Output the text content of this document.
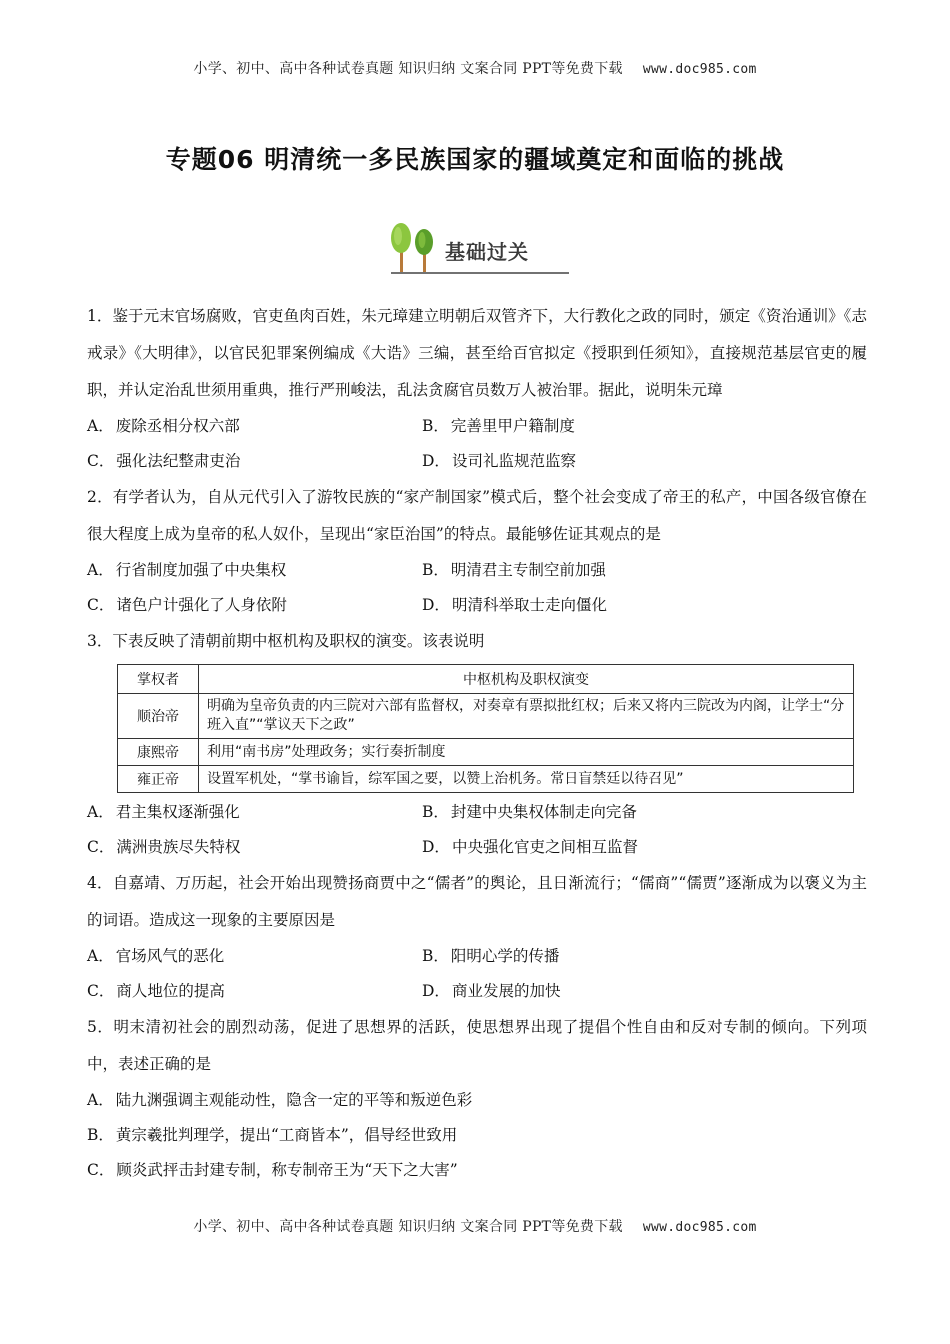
小学、初中、高中各种试卷真题 知识归纳 文案合同 PPT等免费下载 www.doc985.com
专题06 明清统一多民族国家的疆域奠定和面临的挑战
基础过关

1．鉴于元末官场腐败，官吏鱼肉百姓，朱元璋建立明朝后双管齐下，大行教化之政的同时，颁定《资治通训》《志戒录》《大明律》，以官民犯罪案例编成《大诰》三编，甚至给百官拟定《授职到任须知》，直接规范基层官吏的履职，并认定治乱世须用重典，推行严刑峻法，乱法贪腐官员数万人被治罪。据此，说明朱元璋

A． 废除丞相分权六部	B． 完善里甲户籍制度
C． 强化法纪整肃吏治	D． 设司礼监规范监察

2．有学者认为，自从元代引入了游牧民族的“家产制国家”模式后，整个社会变成了帝王的私产，中国各级官僚在很大程度上成为皇帝的私人奴仆，呈现出“家臣治国”的特点。最能够佐证其观点的是

A． 行省制度加强了中央集权	B． 明清君主专制空前加强
C． 诸色户计强化了人身依附	D． 明清科举取士走向僵化

3．下表反映了清朝前期中枢机构及职权的演变。该表说明

掌权者	中枢机构及职权演变
顺治帝	明确为皇帝负责的内三院对六部有监督权，对奏章有票拟批红权；后来又将内三院改为内阁，让学士“分班入直”“掌议天下之政”
康熙帝	利用“南书房”处理政务；实行奏折制度
雍正帝	设置军机处，“掌书谕旨，综军国之要，以赞上治机务。常日盲禁廷以待召见”
A． 君主集权逐渐强化	B． 封建中央集权体制走向完备
C． 满洲贵族尽失特权	D． 中央强化官吏之间相互监督

4．自嘉靖、万历起，社会开始出现赞扬商贾中之“儒者”的舆论，且日渐流行；“儒商”“儒贾”逐渐成为以褒义为主的词语。造成这一现象的主要原因是

A． 官场风气的恶化	B． 阳明心学的传播
C． 商人地位的提高	D． 商业发展的加快

5．明末清初社会的剧烈动荡，促进了思想界的活跃，使思想界出现了提倡个性自由和反对专制的倾向。下列项中，表述正确的是

A． 陆九渊强调主观能动性，隐含一定的平等和叛逆色彩
B． 黄宗羲批判理学，提出“工商皆本”，倡导经世致用
C． 顾炎武抨击封建专制，称专制帝王为“天下之大害”
小学、初中、高中各种试卷真题 知识归纳 文案合同 PPT等免费下载 www.doc985.com
